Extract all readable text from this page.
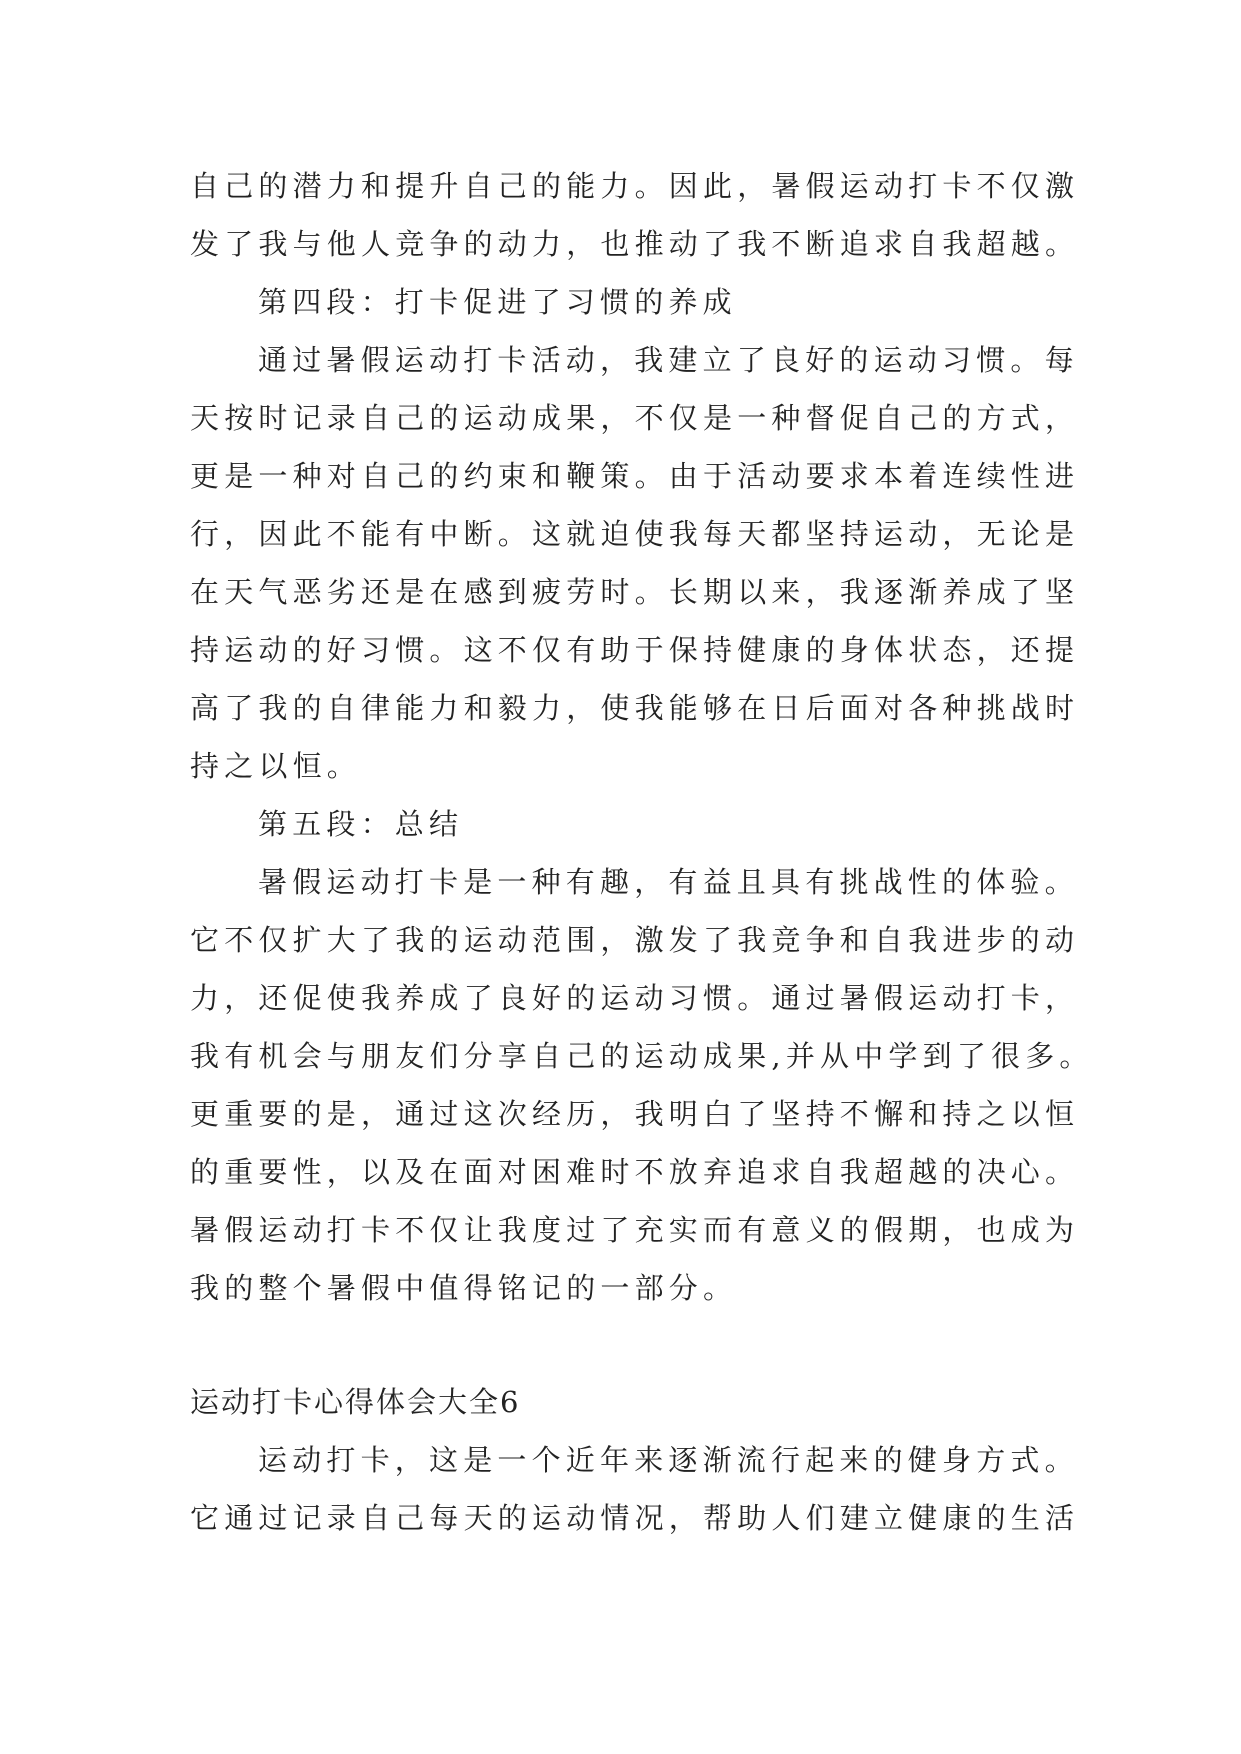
自己的潜力和提升自己的能力。因此，暑假运动打卡不仅激
发了我与他人竞争的动力，也推动了我不断追求自我超越。
第四段：打卡促进了习惯的养成
通过暑假运动打卡活动，我建立了良好的运动习惯。每
天按时记录自己的运动成果，不仅是一种督促自己的方式，
更是一种对自己的约束和鞭策。由于活动要求本着连续性进
行，因此不能有中断。这就迫使我每天都坚持运动，无论是
在天气恶劣还是在感到疲劳时。长期以来，我逐渐养成了坚
持运动的好习惯。这不仅有助于保持健康的身体状态，还提
高了我的自律能力和毅力，使我能够在日后面对各种挑战时
持之以恒。
第五段：总结
暑假运动打卡是一种有趣，有益且具有挑战性的体验。
它不仅扩大了我的运动范围，激发了我竞争和自我进步的动
力，还促使我养成了良好的运动习惯。通过暑假运动打卡，
我有机会与朋友们分享自己的运动成果,并从中学到了很多。
更重要的是，通过这次经历，我明白了坚持不懈和持之以恒
的重要性，以及在面对困难时不放弃追求自我超越的决心。
暑假运动打卡不仅让我度过了充实而有意义的假期，也成为
我的整个暑假中值得铭记的一部分。
运动打卡心得体会大全6
运动打卡，这是一个近年来逐渐流行起来的健身方式。
它通过记录自己每天的运动情况，帮助人们建立健康的生活
